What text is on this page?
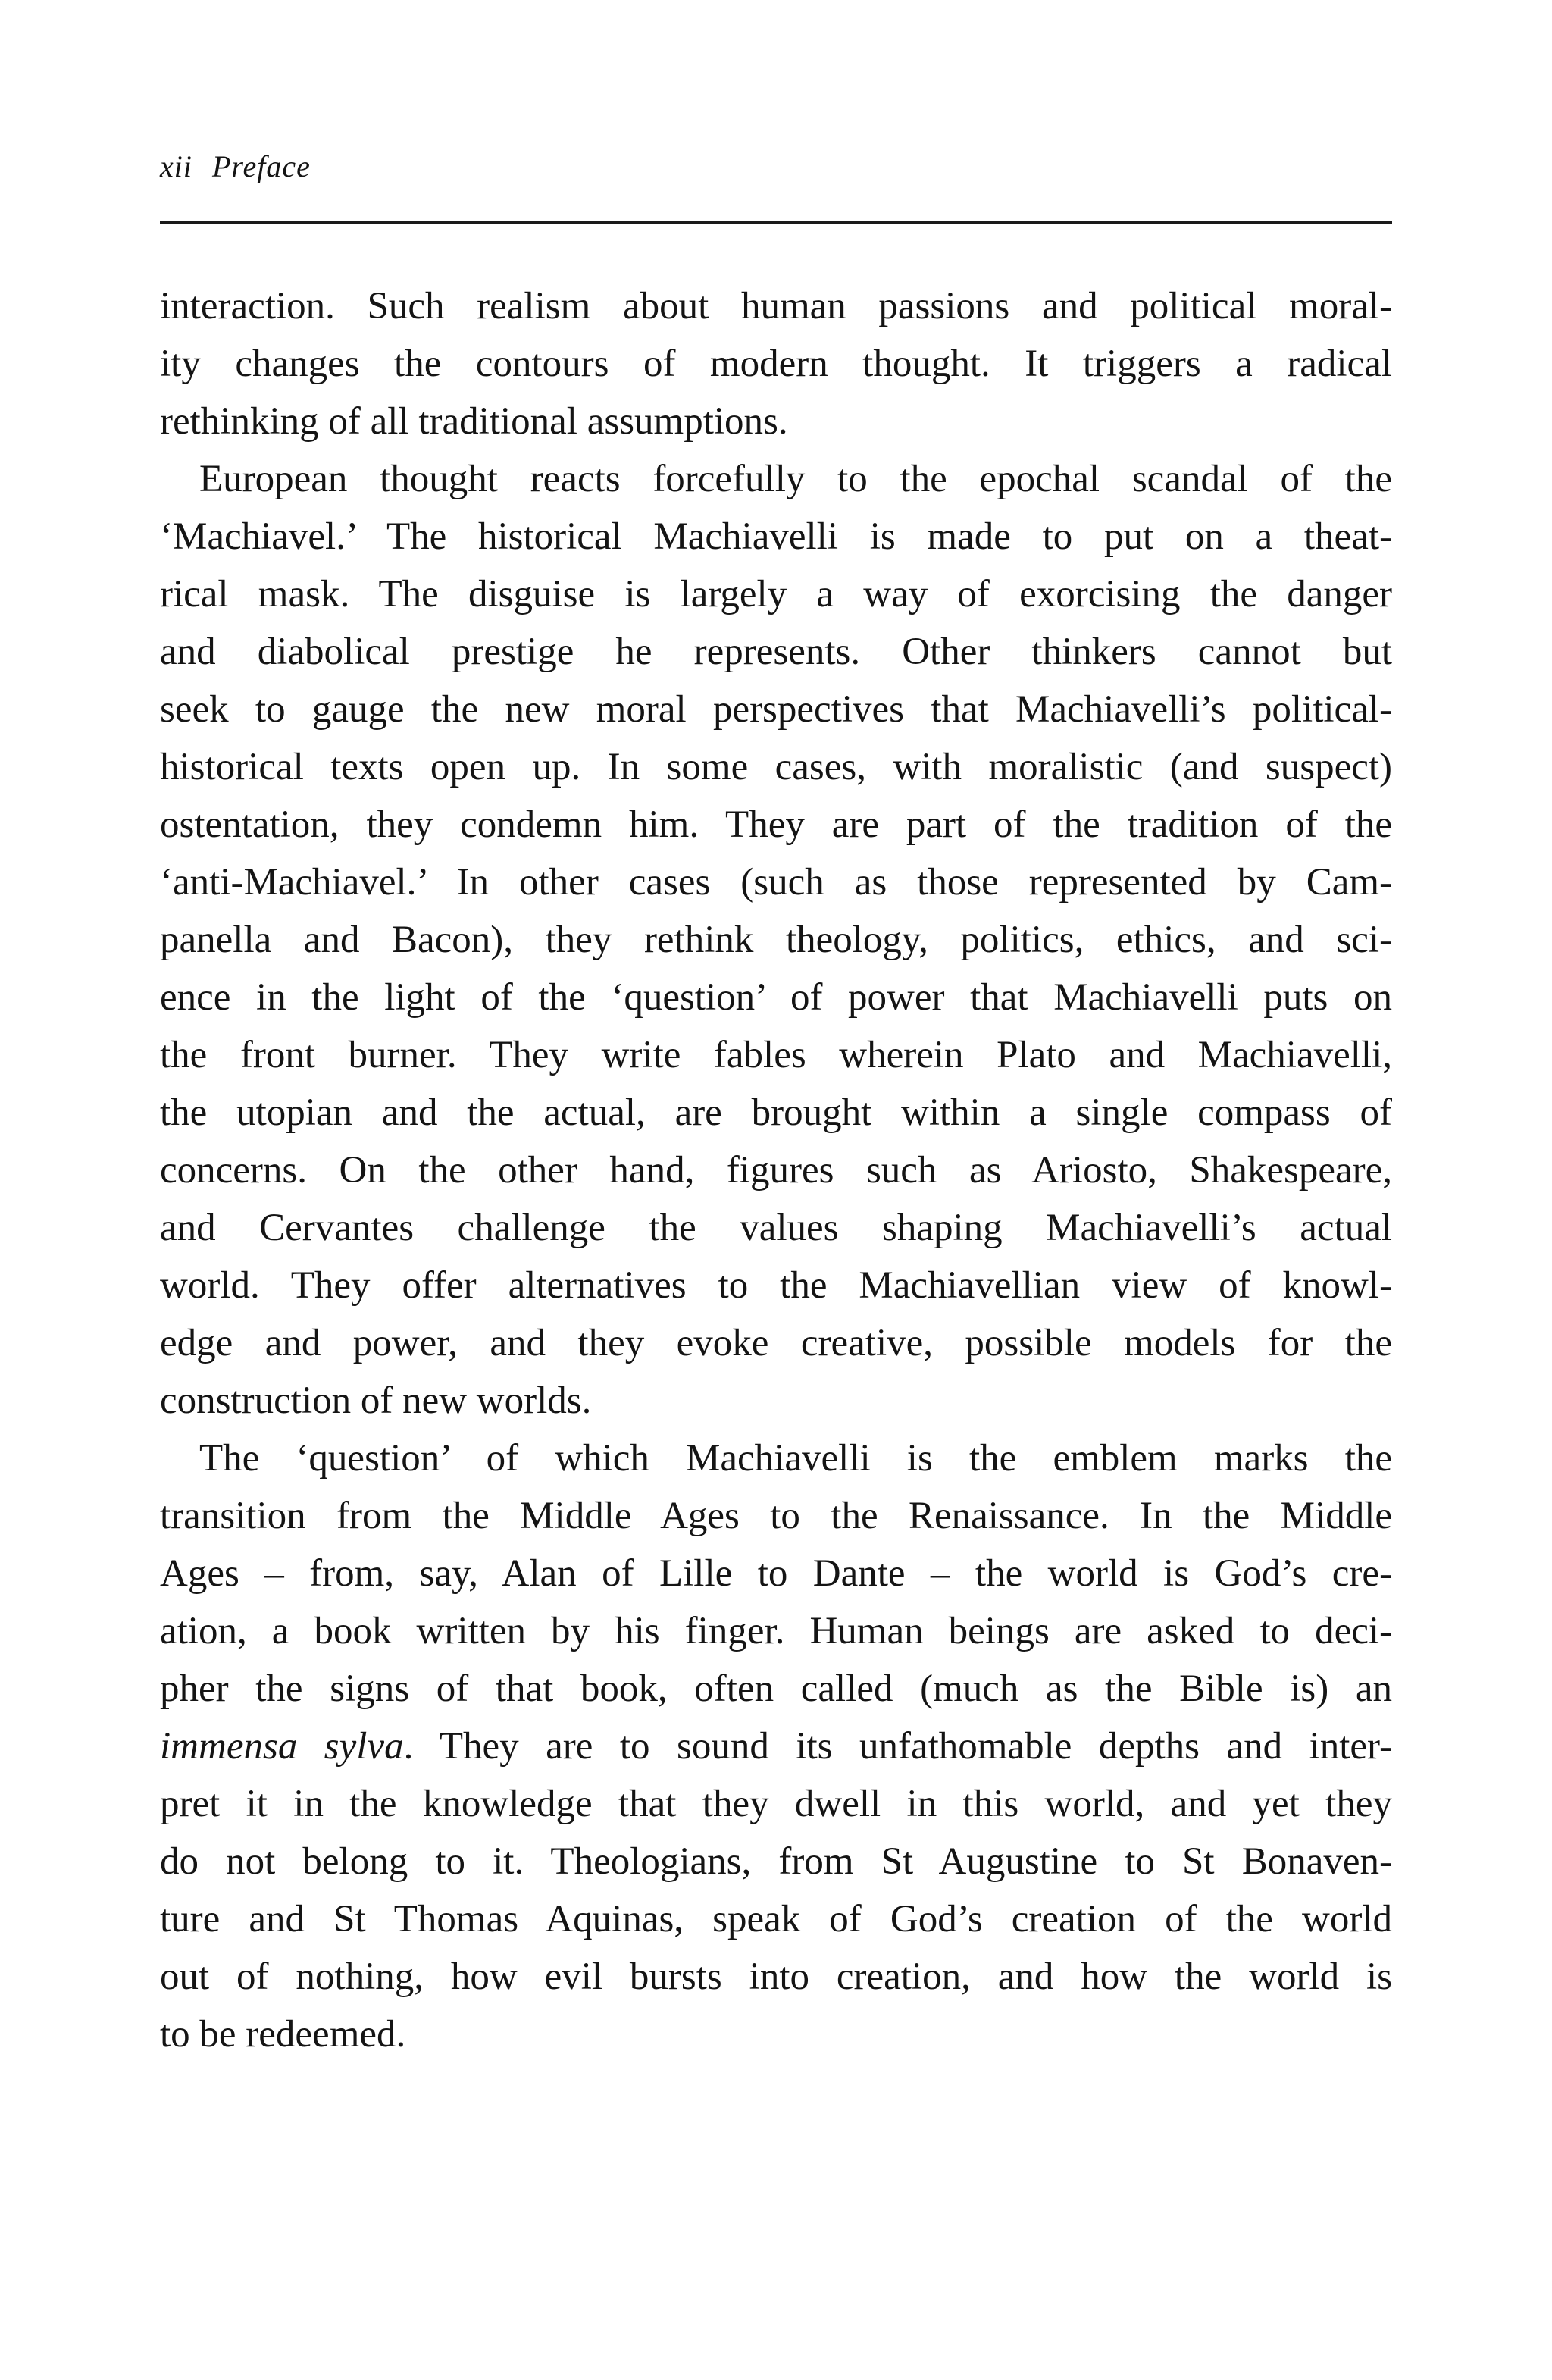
xii Preface
interaction. Such realism about human passions and political moral-
ity changes the contours of modern thought. It triggers a radical
rethinking of all traditional assumptions.
European thought reacts forcefully to the epochal scandal of the
‘Machiavel.’ The historical Machiavelli is made to put on a theat-
rical mask. The disguise is largely a way of exorcising the danger
and diabolical prestige he represents. Other thinkers cannot but
seek to gauge the new moral perspectives that Machiavelli’s political-
historical texts open up. In some cases, with moralistic (and suspect)
ostentation, they condemn him. They are part of the tradition of the
‘anti-Machiavel.’ In other cases (such as those represented by Cam-
panella and Bacon), they rethink theology, politics, ethics, and sci-
ence in the light of the ‘question’ of power that Machiavelli puts on
the front burner. They write fables wherein Plato and Machiavelli,
the utopian and the actual, are brought within a single compass of
concerns. On the other hand, figures such as Ariosto, Shakespeare,
and Cervantes challenge the values shaping Machiavelli’s actual
world. They offer alternatives to the Machiavellian view of knowl-
edge and power, and they evoke creative, possible models for the
construction of new worlds.
The ‘question’ of which Machiavelli is the emblem marks the
transition from the Middle Ages to the Renaissance. In the Middle
Ages – from, say, Alan of Lille to Dante – the world is God’s cre-
ation, a book written by his finger. Human beings are asked to deci-
pher the signs of that book, often called (much as the Bible is) an
immensa sylva. They are to sound its unfathomable depths and inter-
pret it in the knowledge that they dwell in this world, and yet they
do not belong to it. Theologians, from St Augustine to St Bonaven-
ture and St Thomas Aquinas, speak of God’s creation of the world
out of nothing, how evil bursts into creation, and how the world is
to be redeemed.
